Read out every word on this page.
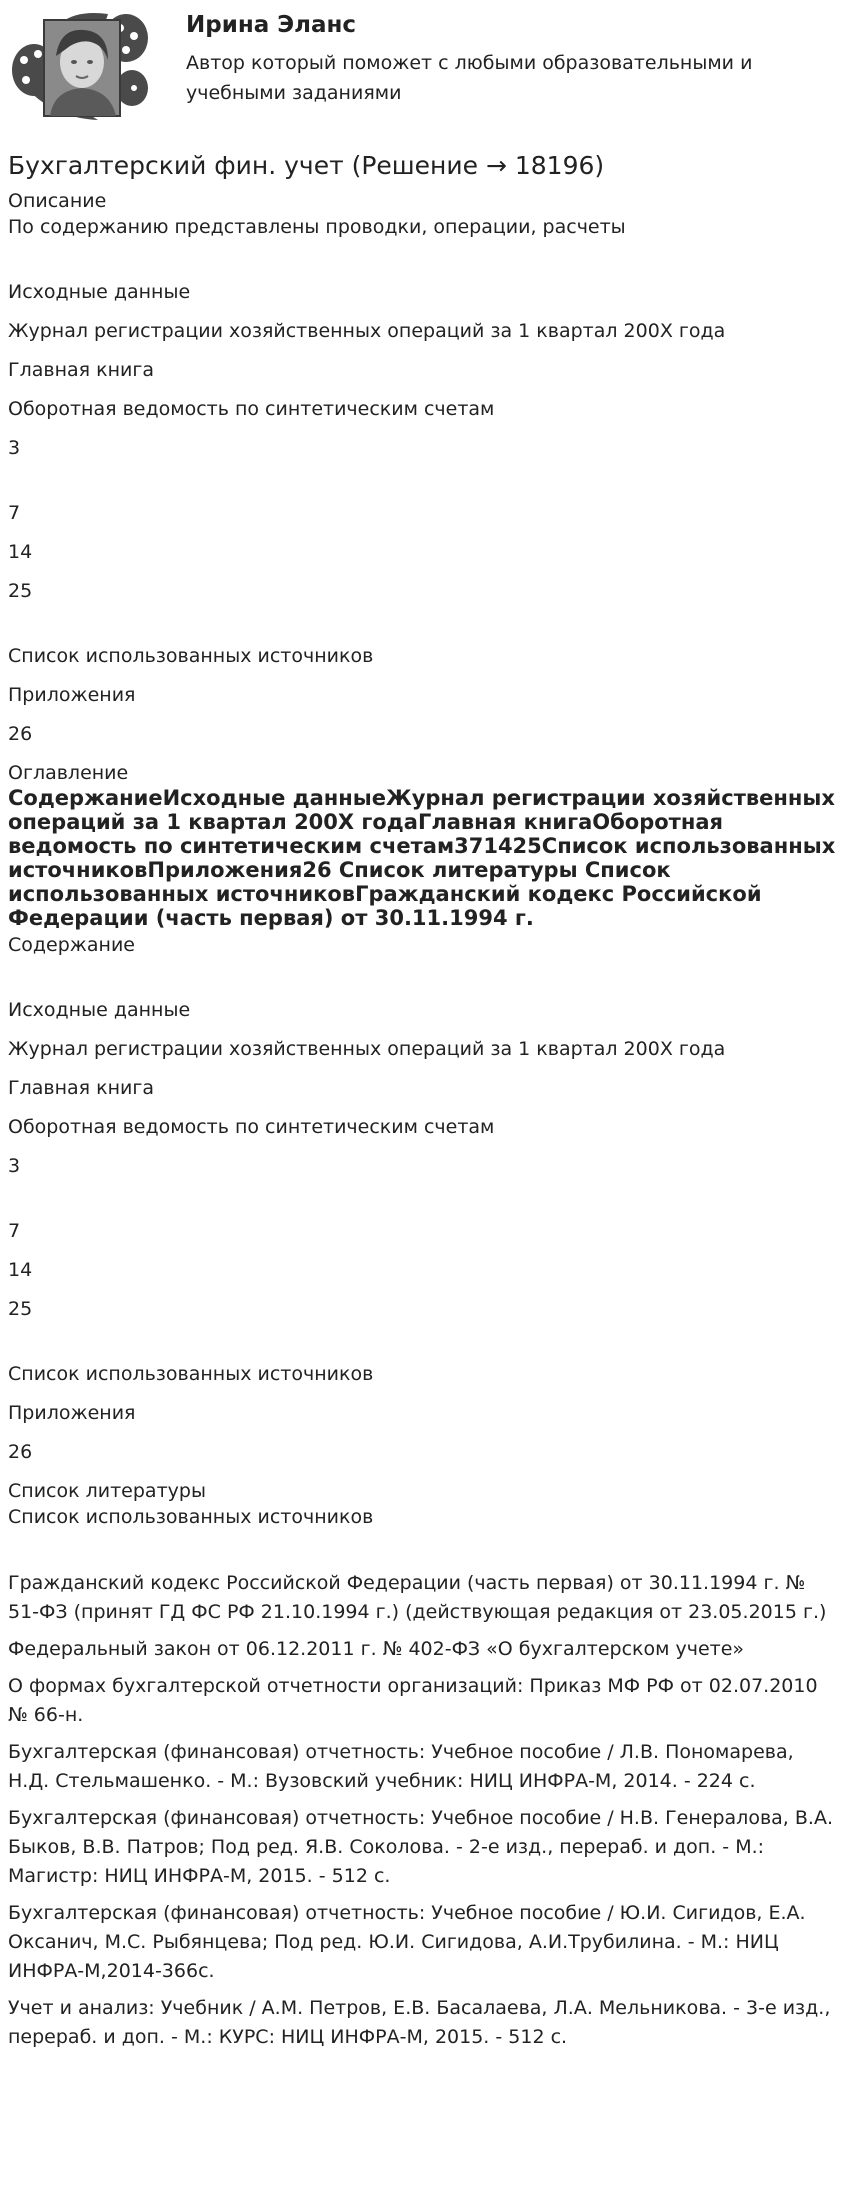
Ирина Эланс
Автор который поможет с любыми образовательными и учебными заданиями
Бухгалтерский фин. учет (Решение → 18196)

Описание

По содержанию представлены проводки, операции, расчеты

Исходные данные

Журнал регистрации хозяйственных операций за 1 квартал 200Х года

Главная книга

Оборотная ведомость по синтетическим счетам

3

7

14

25

Список использованных источников

Приложения

26

Оглавление

СодержаниеИсходные данныеЖурнал регистрации хозяйственных операций за 1 квартал 200Х годаГлавная книгаОборотная ведомость по синтетическим счетам371425Список использованных источниковПриложения26 Список литературы Список использованных источниковГражданский кодекс Российской Федерации (часть первая) от 30.11.1994 г.

Содержание

Исходные данные

Журнал регистрации хозяйственных операций за 1 квартал 200Х года

Главная книга

Оборотная ведомость по синтетическим счетам

3

7

14

25

Список использованных источников

Приложения

26

Список литературы

Список использованных источников

Гражданский кодекс Российской Федерации (часть первая) от 30.11.1994 г. № 51-ФЗ (принят ГД ФС РФ 21.10.1994 г.) (действующая редакция от 23.05.2015 г.)

Федеральный закон от 06.12.2011 г. № 402-ФЗ «О бухгалтерском учете»

О формах бухгалтерской отчетности организаций: Приказ МФ РФ от 02.07.2010 № 66-н.

Бухгалтерская (финансовая) отчетность: Учебное пособие / Л.В. Пономарева, Н.Д. Стельмашенко. - М.: Вузовский учебник: НИЦ ИНФРА-М, 2014. - 224 с.

Бухгалтерская (финансовая) отчетность: Учебное пособие / Н.В. Генералова, В.А. Быков, В.В. Патров; Под ред. Я.В. Соколова. - 2-е изд., перераб. и доп. - М.: Магистр: НИЦ ИНФРА-М, 2015. - 512 с.

Бухгалтерская (финансовая) отчетность: Учебное пособие / Ю.И. Сигидов, Е.А. Оксанич, М.С. Рыбянцева; Под ред. Ю.И. Сигидова, А.И.Трубилина. - М.: НИЦ ИНФРА-М,2014-366с.

Учет и анализ: Учебник / А.М. Петров, Е.В. Басалаева, Л.А. Мельникова. - 3-е изд., перераб. и доп. - М.: КУРС: НИЦ ИНФРА-М, 2015. - 512 с.
